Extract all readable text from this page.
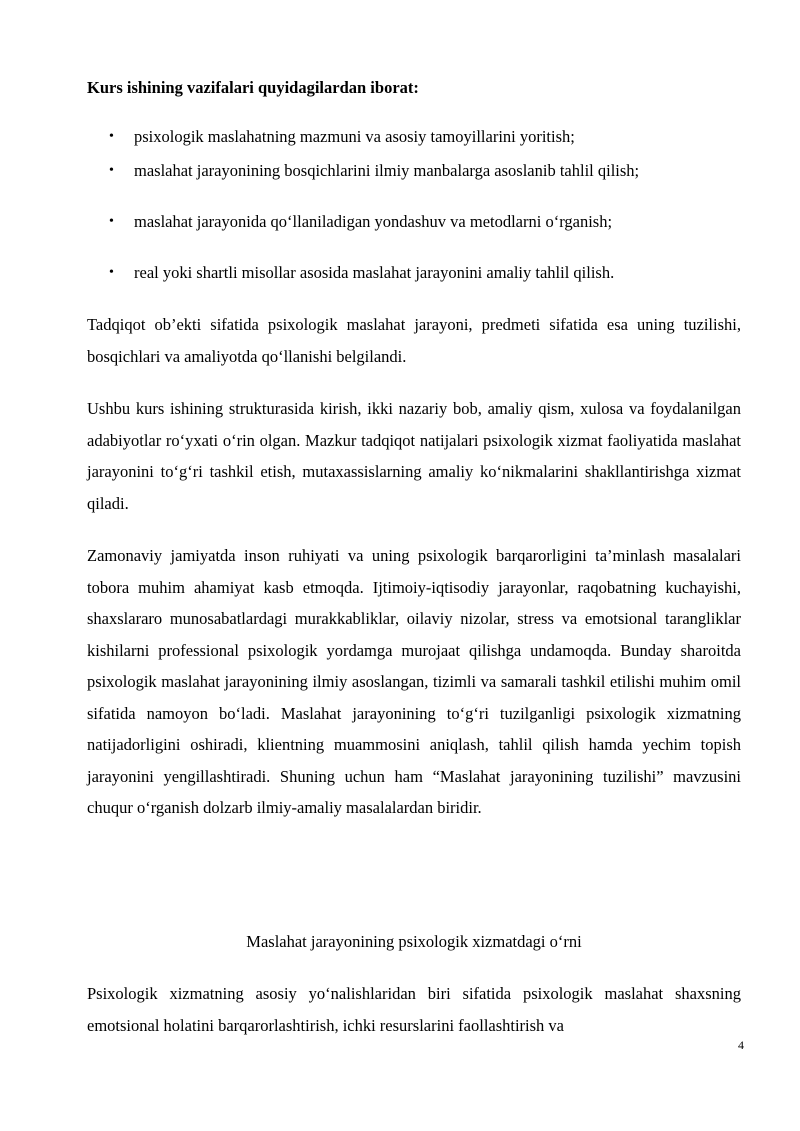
Kurs ishining vazifalari quyidagilardan iborat:

• psixologik maslahatning mazmuni va asosiy tamoyillarini yoritish;
• maslahat jarayonining bosqichlarini ilmiy manbalarga asoslanib tahlil qilish;
• maslahat jarayonida qo‘llaniladigan yondashuv va metodlarni o‘rganish;
• real yoki shartli misollar asosida maslahat jarayonini amaliy tahlil qilish.

Tadqiqot ob’ekti sifatida psixologik maslahat jarayoni, predmeti sifatida esa uning tuzilishi, bosqichlari va amaliyotda qo‘llanishi belgilandi.

Ushbu kurs ishining strukturasida kirish, ikki nazariy bob, amaliy qism, xulosa va foydalanilgan adabiyotlar ro‘yxati o‘rin olgan. Mazkur tadqiqot natijalari psixologik xizmat faoliyatida maslahat jarayonini to‘g‘ri tashkil etish, mutaxassislarning amaliy ko‘nikmalarini shakllantirishga xizmat qiladi.

Zamonaviy jamiyatda inson ruhiyati va uning psixologik barqarorligini ta’minlash masalalari tobora muhim ahamiyat kasb etmoqda. Ijtimoiy-iqtisodiy jarayonlar, raqobatning kuchayishi, shaxslararo munosabatlardagi murakkabliklar, oilaviy nizolar, stress va emotsional tarangliklar kishilarni professional psixologik yordamga murojaat qilishga undamoqda. Bunday sharoitda psixologik maslahat jarayonining ilmiy asoslangan, tizimli va samarali tashkil etilishi muhim omil sifatida namoyon bo‘ladi. Maslahat jarayonining to‘g‘ri tuzilganligi psixologik xizmatning natijadorligini oshiradi, klientning muammosini aniqlash, tahlil qilish hamda yechim topish jarayonini yengillashtiradi. Shuning uchun ham “Maslahat jarayonining tuzilishi” mavzusini chuqur o‘rganish dolzarb ilmiy-amaliy masalalardan biridir.

Maslahat jarayonining psixologik xizmatdagi o‘rni

Psixologik xizmatning asosiy yo‘nalishlaridan biri sifatida psixologik maslahat shaxsning emotsional holatini barqarorlashtirish, ichki resurslarini faollashtirish va

4
